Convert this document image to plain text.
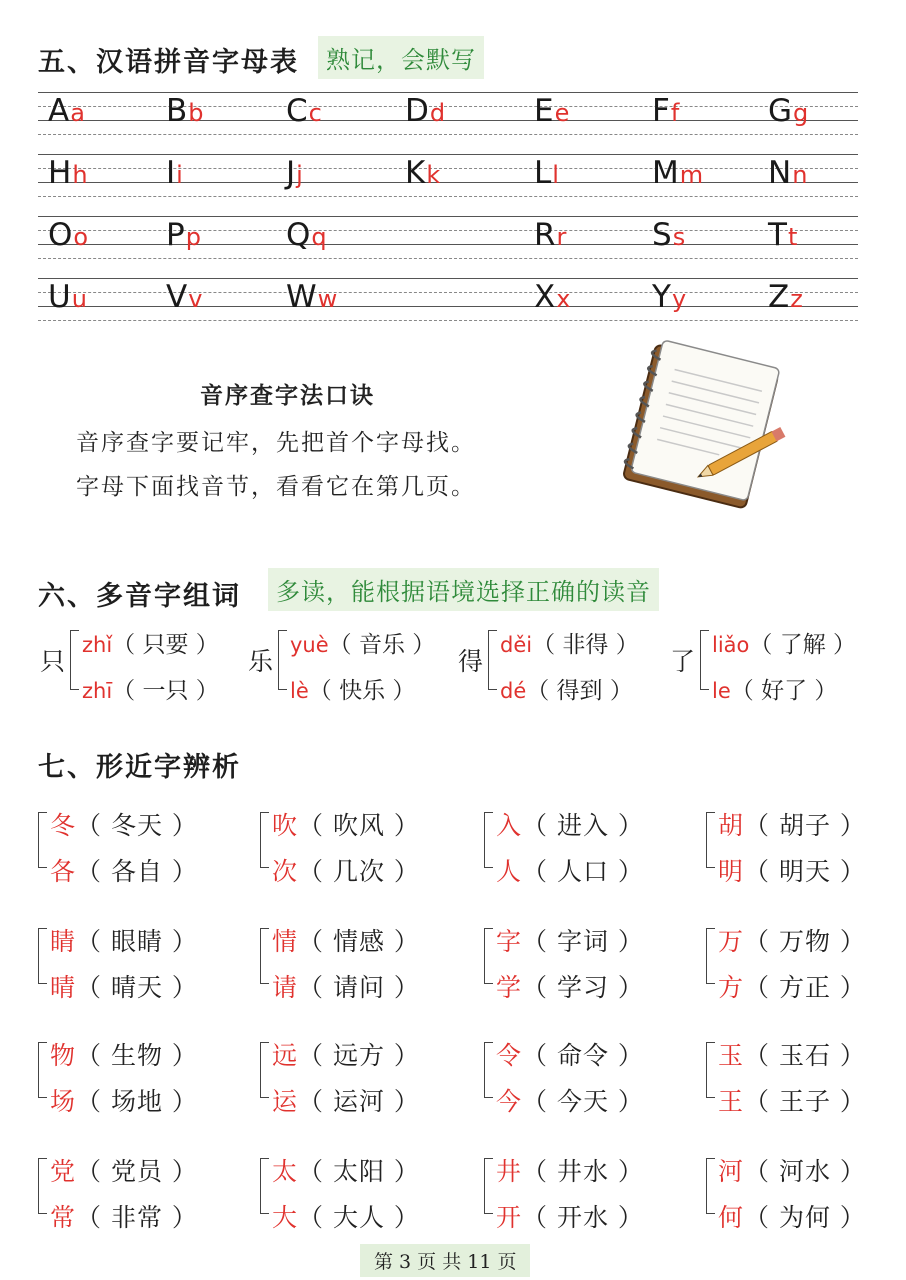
五、汉语拼音字母表	熟记，会默写
Aa	Bb	Cc	Dd	Ee	Ff	Gg
Hh	Ii	Jj	Kk	Ll	Mm Nn
Oo	Pp	Qq	Rr	Ss	Tt
Uu	Vv	Ww	Xx	Yy	Zz
音序查字法口诀
音序查字要记牢，先把首个字母找。
字母下面找音节，看看它在第几页。
六、多音字组词	多读，能根据语境选择正确的读音
只
zhǐ（ 只要 ）
zhī（ 一只 ）
乐
yuè（ 音乐 ）
lè（ 快乐 ）
得
děi（ 非得 ）
dé（ 得到 ）
了
liǎo（ 了解 ）
le（ 好了 ）
七、形近字辨析
冬（ 冬天 ）
各（ 各自 ）
吹（ 吹风 ）
次（ 几次 ）
入（ 进入 ）
人（ 人口 ）
胡（ 胡子 ）
明（ 明天 ）
睛（ 眼睛 ）
晴（ 晴天 ）
情（ 情感 ）
请（ 请问 ）
字（ 字词 ）
学（ 学习 ）
万（ 万物 ）
方（ 方正 ）
物（ 生物 ）
场（ 场地 ）
远（ 远方 ）
运（ 运河 ）
令（ 命令 ）
今（ 今天 ）
玉（ 玉石 ）
王（ 王子 ）
党（ 党员 ）
常（ 非常 ）
太（ 太阳 ）
大（ 大人 ）
井（ 井水 ）
开（ 开水 ）
河（ 河水 ）
何（ 为何 ）
第 3 页 共 11 页
